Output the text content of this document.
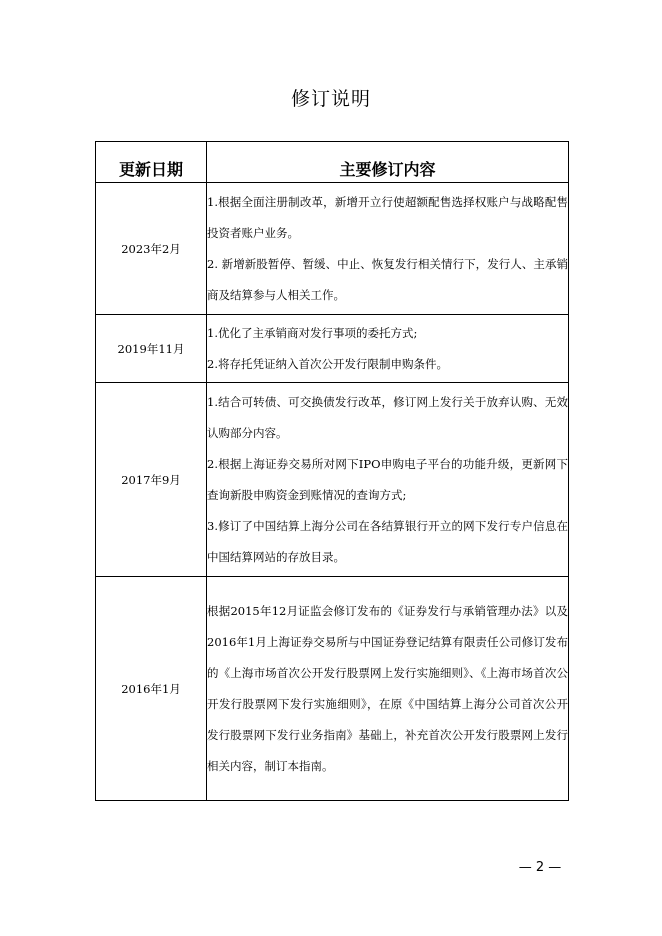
修订说明
更新日期	主要修订内容
2023年2月	1.根据全面注册制改革，新增开立行使超额配售选择权账户与战略配售投资者账户业务。

2. 新增新股暂停、暂缓、中止、恢复发行相关情行下，发行人、主承销商及结算参与人相关工作。

2019年11月	1.优化了主承销商对发行事项的委托方式;

2.将存托凭证纳入首次公开发行限制申购条件。

2017年9月	1.结合可转债、可交换债发行改革，修订网上发行关于放弃认购、无效认购部分内容。

2.根据上海证券交易所对网下IPO申购电子平台的功能升级，更新网下查询新股申购资金到账情况的查询方式;

3.修订了中国结算上海分公司在各结算银行开立的网下发行专户信息在中国结算网站的存放目录。

2016年1月	根据2015年12月证监会修订发布的《证券发行与承销管理办法》以及2016年1月上海证券交易所与中国证券登记结算有限责任公司修订发布的《上海市场首次公开发行股票网上发行实施细则》、《上海市场首次公开发行股票网下发行实施细则》，在原《中国结算上海分公司首次公开发行股票网下发行业务指南》基础上，补充首次公开发行股票网上发行相关内容，制订本指南。

— 2 —
